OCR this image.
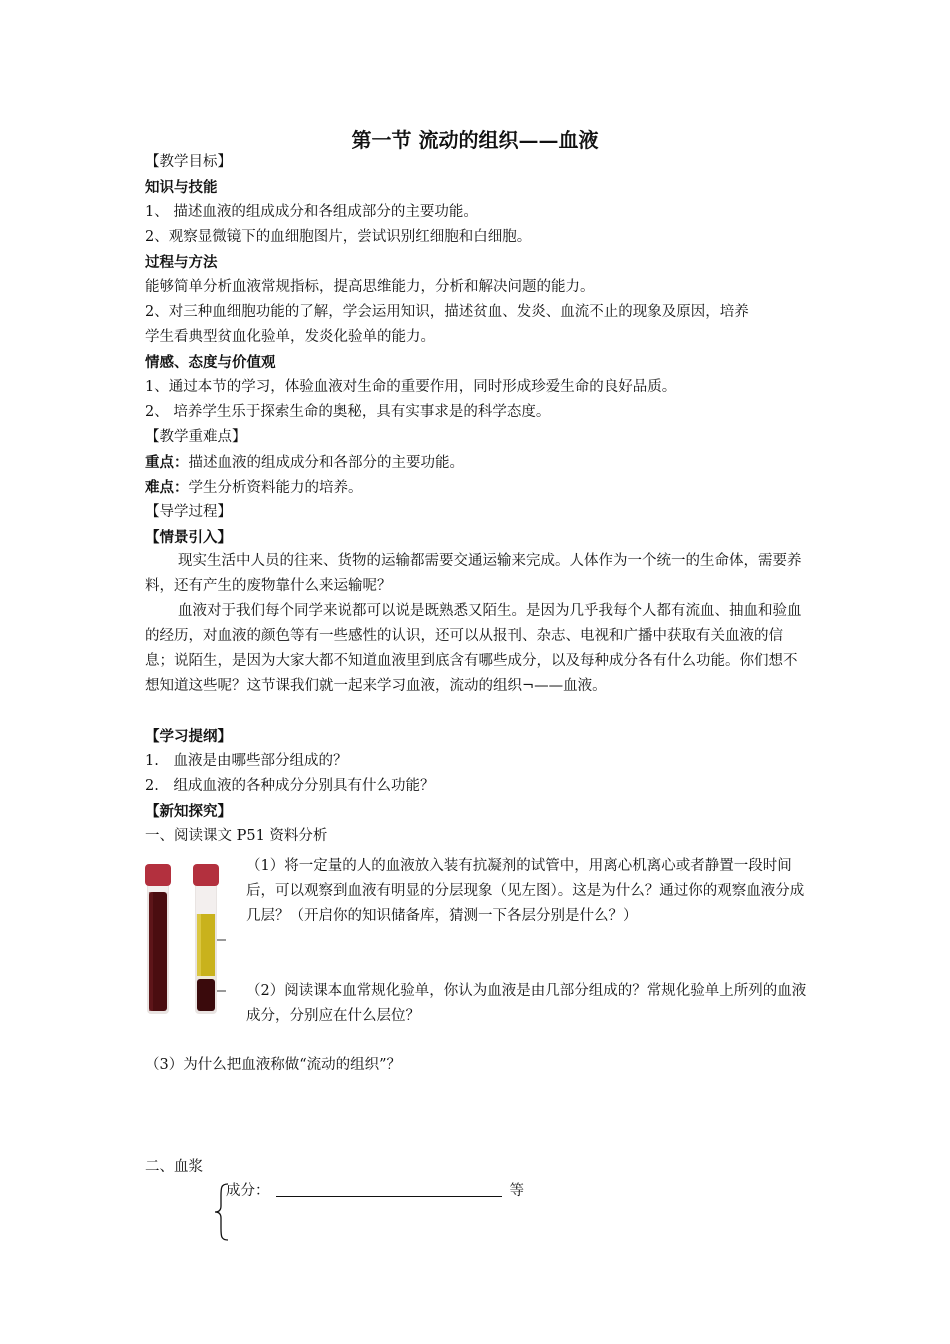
第一节 流动的组织——血液
【教学目标】
知识与技能
1、 描述血液的组成成分和各组成部分的主要功能。
2、观察显微镜下的血细胞图片，尝试识别红细胞和白细胞。
过程与方法
能够简单分析血液常规指标，提高思维能力，分析和解决问题的能力。
2、对三种血细胞功能的了解，学会运用知识，描述贫血、发炎、血流不止的现象及原因，培养
学生看典型贫血化验单，发炎化验单的能力。
情感、态度与价值观
1、通过本节的学习，体验血液对生命的重要作用，同时形成珍爱生命的良好品质。
2、 培养学生乐于探索生命的奥秘，具有实事求是的科学态度。
【教学重难点】
重点：描述血液的组成成分和各部分的主要功能。
难点：学生分析资料能力的培养。
【导学过程】
【情景引入】
现实生活中人员的往来、货物的运输都需要交通运输来完成。人体作为一个统一的生命体，需要养料，还有产生的废物靠什么来运输呢？
血液对于我们每个同学来说都可以说是既熟悉又陌生。是因为几乎我每个人都有流血、抽血和验血的经历，对血液的颜色等有一些感性的认识，还可以从报刊、杂志、电视和广播中获取有关血液的信息；说陌生，是因为大家大都不知道血液里到底含有哪些成分，以及每种成分各有什么功能。你们想不想知道这些呢？这节课我们就一起来学习血液，流动的组织¬——血液。
【学习提纲】
1. 血液是由哪些部分组成的？
2. 组成血液的各种成分分别具有什么功能？
【新知探究】
一、阅读课文 P51 资料分析
（1）将一定量的人的血液放入装有抗凝剂的试管中，用离心机离心或者静置一段时间后，可以观察到血液有明显的分层现象（见左图）。这是为什么？通过你的观察血液分成几层？（开启你的知识储备库，猜测一下各层分别是什么？）
（2）阅读课本血常规化验单，你认为血液是由几部分组成的？常规化验单上所列的血液成分，分别应在什么层位？
（3）为什么把血液称做“流动的组织”？
二、血浆
成分：	等
